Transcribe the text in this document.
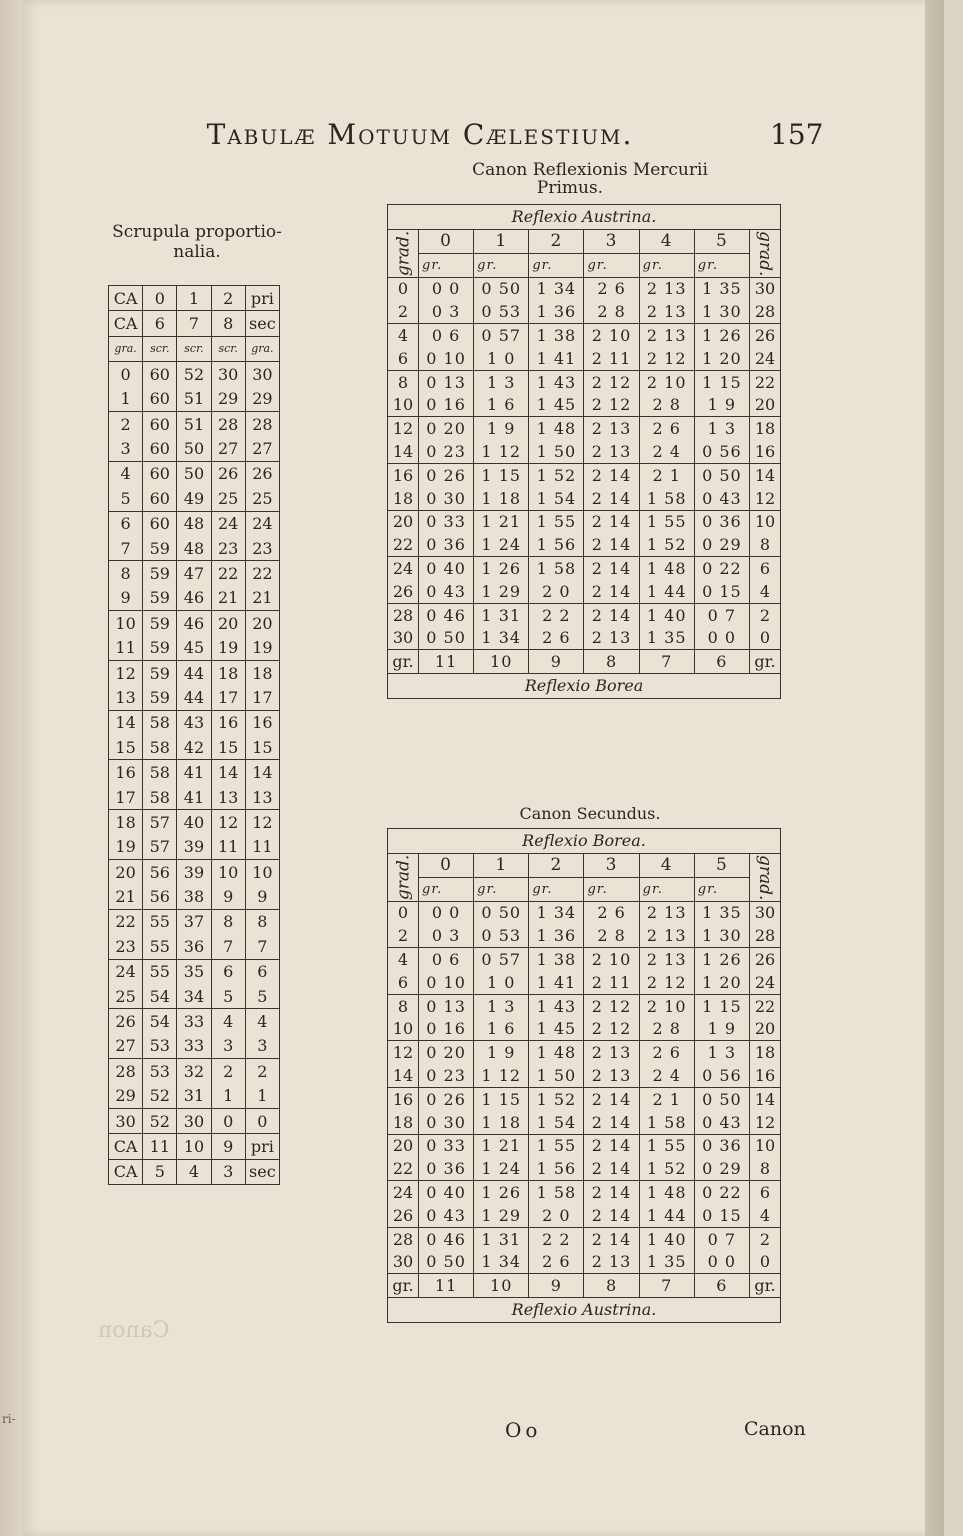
Tabulæ Motuum Cælestium.	157
Canon Reflexionis Mercurii
Primus.
Scrupula proportio-
nalia.
CA	0	1	2	pri
CA	6	7	8	sec
gra.	scr.	scr.	scr.	gra.
0	60	52	30	30
1	60	51	29	29
2	60	51	28	28
3	60	50	27	27
4	60	50	26	26
5	60	49	25	25
6	60	48	24	24
7	59	48	23	23
8	59	47	22	22
9	59	46	21	21
10	59	46	20	20
11	59	45	19	19
12	59	44	18	18
13	59	44	17	17
14	58	43	16	16
15	58	42	15	15
16	58	41	14	14
17	58	41	13	13
18	57	40	12	12
19	57	39	11	11
20	56	39	10	10
21	56	38	9	9
22	55	37	8	8
23	55	36	7	7
24	55	35	6	6
25	54	34	5	5
26	54	33	4	4
27	53	33	3	3
28	53	32	2	2
29	52	31	1	1
30	52	30	0	0
CA	11	10	9	pri
CA	5	4	3	sec
Reflexio Austrina.
grad.	0	1	2	3	4	5	grad.
	gr.	gr.	gr.	gr.	gr.	gr.	
0	0 0	0 50	1 34	2 6	2 13	1 35	30
2	0 3	0 53	1 36	2 8	2 13	1 30	28
4	0 6	0 57	1 38	2 10	2 13	1 26	26
6	0 10	1 0	1 41	2 11	2 12	1 20	24
8	0 13	1 3	1 43	2 12	2 10	1 15	22
10	0 16	1 6	1 45	2 12	2 8	1 9	20
12	0 20	1 9	1 48	2 13	2 6	1 3	18
14	0 23	1 12	1 50	2 13	2 4	0 56	16
16	0 26	1 15	1 52	2 14	2 1	0 50	14
18	0 30	1 18	1 54	2 14	1 58	0 43	12
20	0 33	1 21	1 55	2 14	1 55	0 36	10
22	0 36	1 24	1 56	2 14	1 52	0 29	8
24	0 40	1 26	1 58	2 14	1 48	0 22	6
26	0 43	1 29	2 0	2 14	1 44	0 15	4
28	0 46	1 31	2 2	2 14	1 40	0 7	2
30	0 50	1 34	2 6	2 13	1 35	0 0	0
gr.	11	10	9	8	7	6	gr.
Reflexio Borea
Canon Secundus.
Reflexio Borea.
grad.	0	1	2	3	4	5	grad.
	gr.	gr.	gr.	gr.	gr.	gr.	
0	0 0	0 50	1 34	2 6	2 13	1 35	30
2	0 3	0 53	1 36	2 8	2 13	1 30	28
4	0 6	0 57	1 38	2 10	2 13	1 26	26
6	0 10	1 0	1 41	2 11	2 12	1 20	24
8	0 13	1 3	1 43	2 12	2 10	1 15	22
10	0 16	1 6	1 45	2 12	2 8	1 9	20
12	0 20	1 9	1 48	2 13	2 6	1 3	18
14	0 23	1 12	1 50	2 13	2 4	0 56	16
16	0 26	1 15	1 52	2 14	2 1	0 50	14
18	0 30	1 18	1 54	2 14	1 58	0 43	12
20	0 33	1 21	1 55	2 14	1 55	0 36	10
22	0 36	1 24	1 56	2 14	1 52	0 29	8
24	0 40	1 26	1 58	2 14	1 48	0 22	6
26	0 43	1 29	2 0	2 14	1 44	0 15	4
28	0 46	1 31	2 2	2 14	1 40	0 7	2
30	0 50	1 34	2 6	2 13	1 35	0 0	0
gr.	11	10	9	8	7	6	gr.
Reflexio Austrina.
Oo	Canon
Canon
ri-
